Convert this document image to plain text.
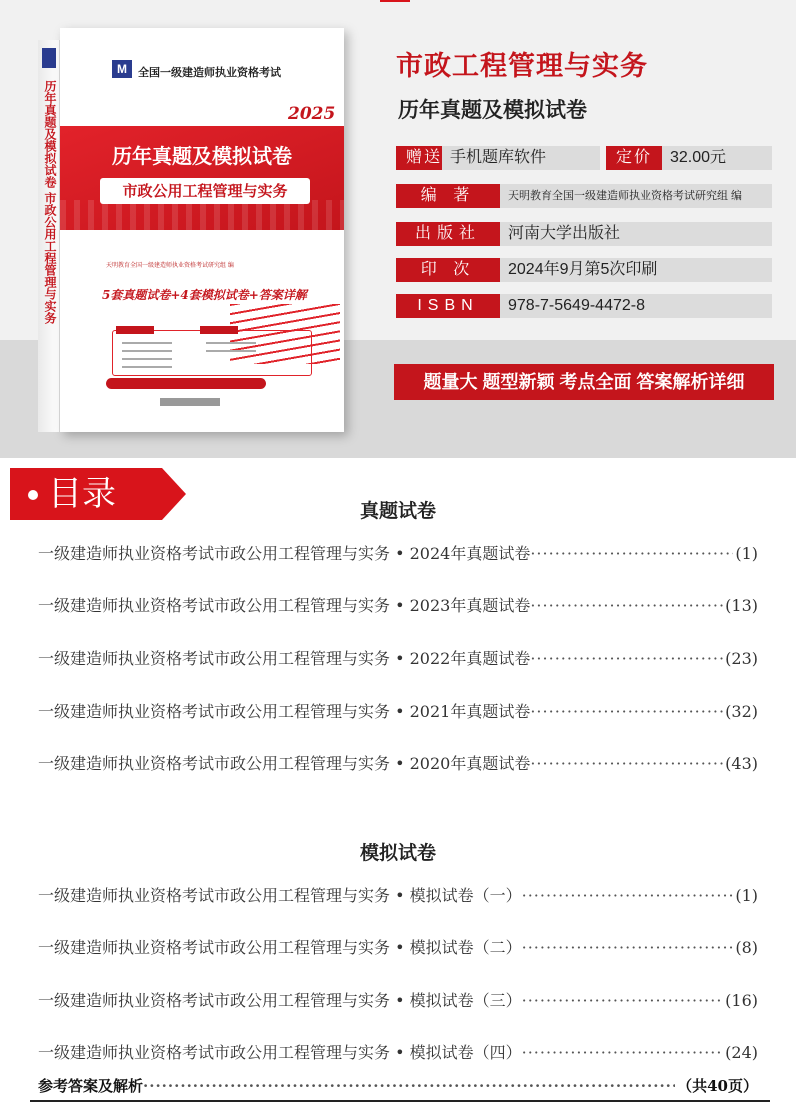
历年真题及模拟试卷 市政公用工程管理与实务
M	全国一级建造师执业资格考试
2025
历年真题及模拟试卷
市政公用工程管理与实务
天明教育全国一级建造师执业资格考试研究组 编
5套真题试卷+4套模拟试卷+答案详解
市政工程管理与实务
历年真题及模拟试卷
赠送 手机题库软件	定价	32.00元
编 著	天明教育全国一级建造师执业资格考试研究组 编
出版社	河南大学出版社
印 次	2024年9月第5次印刷
ISBN	978-7-5649-4472-8
题量大 题型新颖 考点全面 答案解析详细
目录	真题试卷
一级建造师执业资格考试市政公用工程管理与实务 • 2024年真题试卷 ·····	(1)
一级建造师执业资格考试市政公用工程管理与实务 • 2023年真题试卷 ·····	(13)
一级建造师执业资格考试市政公用工程管理与实务 • 2022年真题试卷 ·····	(23)
一级建造师执业资格考试市政公用工程管理与实务 • 2021年真题试卷 ·····	(32)
一级建造师执业资格考试市政公用工程管理与实务 • 2020年真题试卷 ·····	(43)
模拟试卷
一级建造师执业资格考试市政公用工程管理与实务 • 模拟试卷（一） ·····	(1)
一级建造师执业资格考试市政公用工程管理与实务 • 模拟试卷（二） ·····	(8)
一级建造师执业资格考试市政公用工程管理与实务 • 模拟试卷（三） ·····	(16)
一级建造师执业资格考试市政公用工程管理与实务 • 模拟试卷（四） ·····	(24)
参考答案及解析 ·····	（共40页）
